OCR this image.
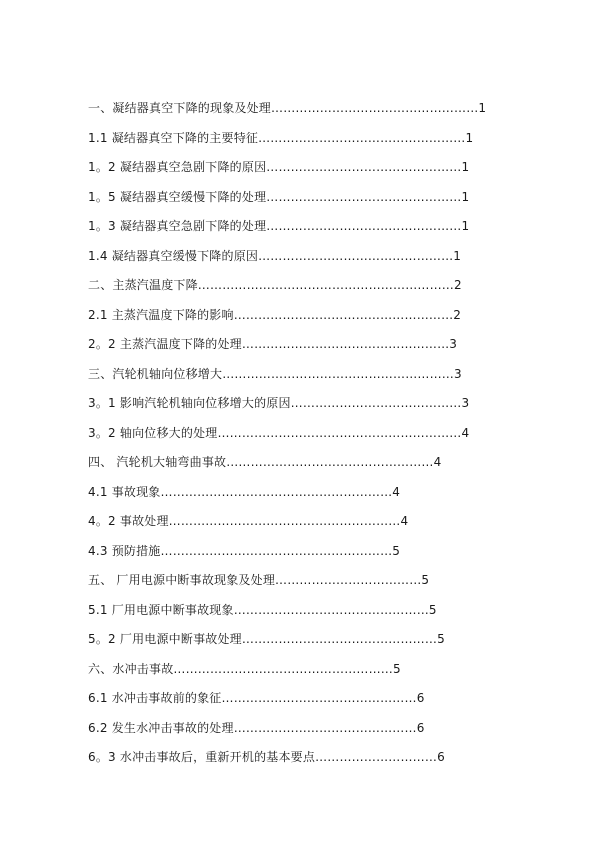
一、凝结器真空下降的现象及处理……………………………………………1
1.1 凝结器真空下降的主要特征……………………………………………1
1。2 凝结器真空急剧下降的原因…………………………………………1
1。5 凝结器真空缓慢下降的处理…………………………………………1
1。3 凝结器真空急剧下降的处理…………………………………………1
1.4 凝结器真空缓慢下降的原因…………………………………………1
二、主蒸汽温度下降………………………………………………………2
2.1 主蒸汽温度下降的影响………………………………………………2
2。2 主蒸汽温度下降的处理……………………………………………3
三、汽轮机轴向位移增大…………………………………………………3
3。1 影响汽轮机轴向位移增大的原因……………………………………3
3。2 轴向位移大的处理……………………………………………………4
四、 汽轮机大轴弯曲事故……………………………………………4
4.1 事故现象…………………………………………………4
4。2 事故处理…………………………………………………4
4.3 预防措施…………………………………………………5
五、 厂用电源中断事故现象及处理………………………………5
5.1 厂用电源中断事故现象…………………………………………5
5。2 厂用电源中断事故处理…………………………………………5
六、水冲击事故………………………………………………5
6.1 水冲击事故前的象征…………………………………………6
6.2 发生水冲击事故的处理………………………………………6
6。3 水冲击事故后，重新开机的基本要点…………………………6
